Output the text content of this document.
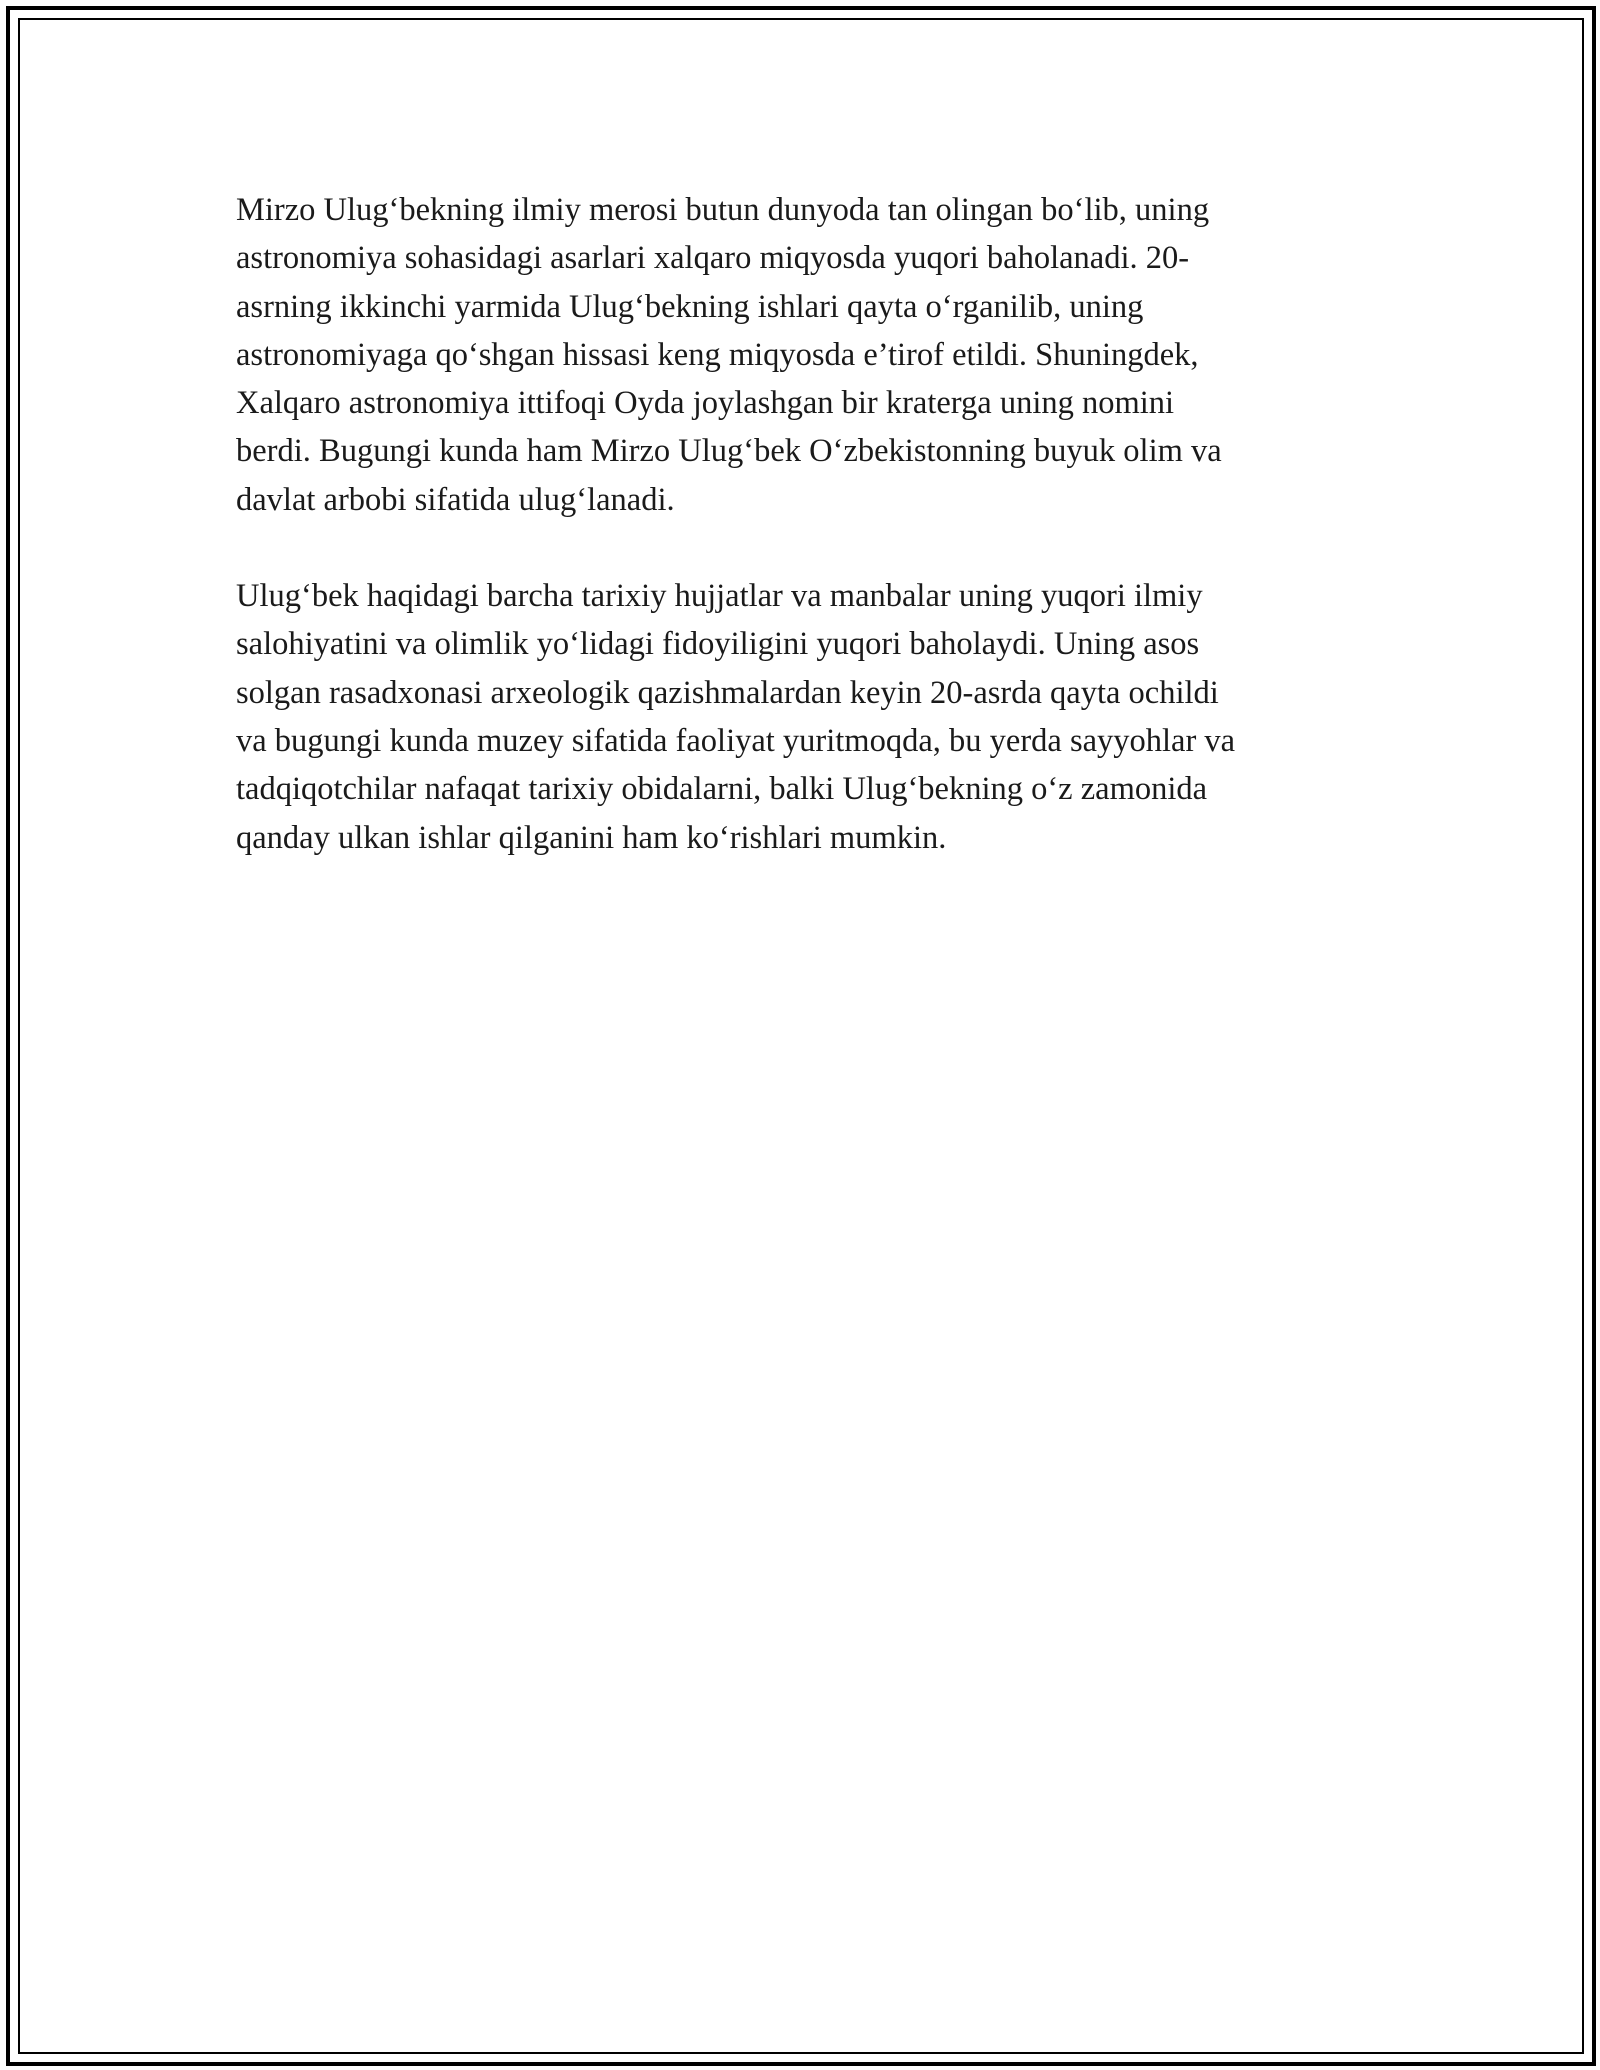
Mirzo Ulug‘bekning ilmiy merosi butun dunyoda tan olingan bo‘lib, uning
astronomiya sohasidagi asarlari xalqaro miqyosda yuqori baholanadi. 20-
asrning ikkinchi yarmida Ulug‘bekning ishlari qayta o‘rganilib, uning
astronomiyaga qo‘shgan hissasi keng miqyosda e’tirof etildi. Shuningdek,
Xalqaro astronomiya ittifoqi Oyda joylashgan bir kraterga uning nomini
berdi. Bugungi kunda ham Mirzo Ulug‘bek O‘zbekistonning buyuk olim va
davlat arbobi sifatida ulug‘lanadi.

Ulug‘bek haqidagi barcha tarixiy hujjatlar va manbalar uning yuqori ilmiy
salohiyatini va olimlik yo‘lidagi fidoyiligini yuqori baholaydi. Uning asos
solgan rasadxonasi arxeologik qazishmalardan keyin 20-asrda qayta ochildi
va bugungi kunda muzey sifatida faoliyat yuritmoqda, bu yerda sayyohlar va
tadqiqotchilar nafaqat tarixiy obidalarni, balki Ulug‘bekning o‘z zamonida
qanday ulkan ishlar qilganini ham ko‘rishlari mumkin.
